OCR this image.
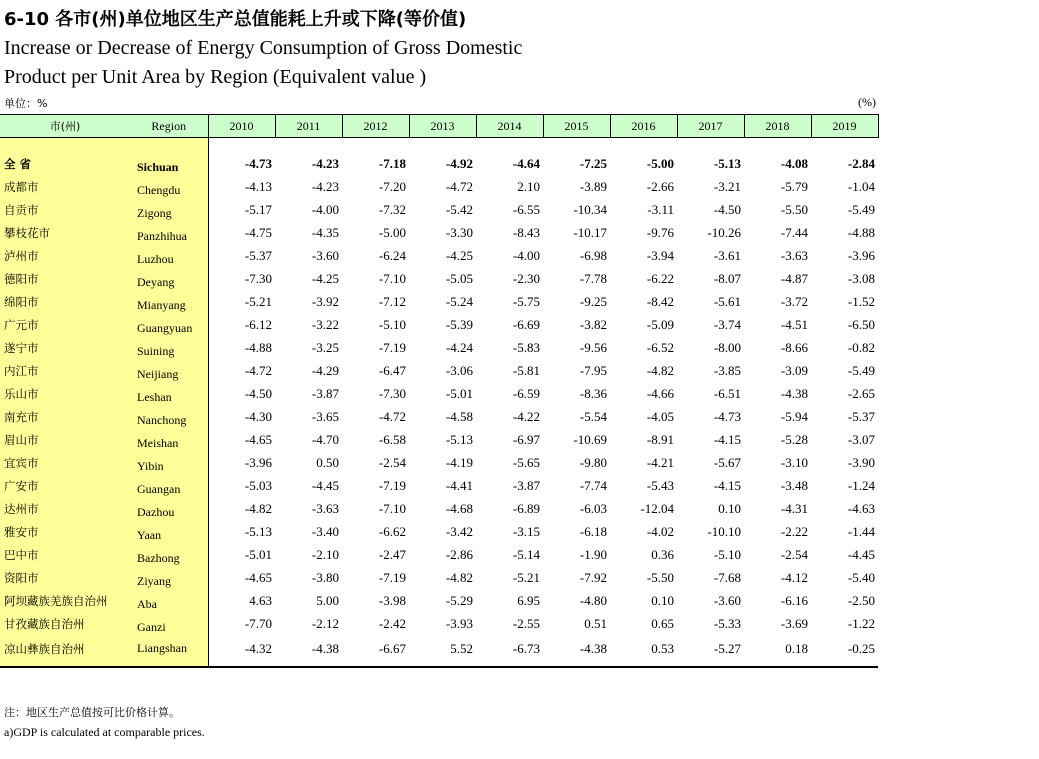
6-10 各市(州)单位地区生产总值能耗上升或下降(等价值)
Increase or Decrease of Energy Consumption of Gross Domestic
Product per Unit Area by Region (Equivalent value )
单位：%	(%)
市(州)	Region	2010	2011	2012	2013	2014	2015	2016	2017	2018	2019

全 省	Sichuan	-4.73	-4.23	-7.18	-4.92	-4.64	-7.25	-5.00	-5.13	-4.08	-2.84
成都市	Chengdu	-4.13	-4.23	-7.20	-4.72	2.10	-3.89	-2.66	-3.21	-5.79	-1.04
自贡市	Zigong	-5.17	-4.00	-7.32	-5.42	-6.55	-10.34	-3.11	-4.50	-5.50	-5.49
攀枝花市	Panzhihua	-4.75	-4.35	-5.00	-3.30	-8.43	-10.17	-9.76	-10.26	-7.44	-4.88
泸州市	Luzhou	-5.37	-3.60	-6.24	-4.25	-4.00	-6.98	-3.94	-3.61	-3.63	-3.96
德阳市	Deyang	-7.30	-4.25	-7.10	-5.05	-2.30	-7.78	-6.22	-8.07	-4.87	-3.08
绵阳市	Mianyang	-5.21	-3.92	-7.12	-5.24	-5.75	-9.25	-8.42	-5.61	-3.72	-1.52
广元市	Guangyuan	-6.12	-3.22	-5.10	-5.39	-6.69	-3.82	-5.09	-3.74	-4.51	-6.50
遂宁市	Suining	-4.88	-3.25	-7.19	-4.24	-5.83	-9.56	-6.52	-8.00	-8.66	-0.82
内江市	Neijiang	-4.72	-4.29	-6.47	-3.06	-5.81	-7.95	-4.82	-3.85	-3.09	-5.49
乐山市	Leshan	-4.50	-3.87	-7.30	-5.01	-6.59	-8.36	-4.66	-6.51	-4.38	-2.65
南充市	Nanchong	-4.30	-3.65	-4.72	-4.58	-4.22	-5.54	-4.05	-4.73	-5.94	-5.37
眉山市	Meishan	-4.65	-4.70	-6.58	-5.13	-6.97	-10.69	-8.91	-4.15	-5.28	-3.07
宜宾市	Yibin	-3.96	0.50	-2.54	-4.19	-5.65	-9.80	-4.21	-5.67	-3.10	-3.90
广安市	Guangan	-5.03	-4.45	-7.19	-4.41	-3.87	-7.74	-5.43	-4.15	-3.48	-1.24
达州市	Dazhou	-4.82	-3.63	-7.10	-4.68	-6.89	-6.03	-12.04	0.10	-4.31	-4.63
雅安市	Yaan	-5.13	-3.40	-6.62	-3.42	-3.15	-6.18	-4.02	-10.10	-2.22	-1.44
巴中市	Bazhong	-5.01	-2.10	-2.47	-2.86	-5.14	-1.90	0.36	-5.10	-2.54	-4.45
资阳市	Ziyang	-4.65	-3.80	-7.19	-4.82	-5.21	-7.92	-5.50	-7.68	-4.12	-5.40
阿坝藏族羌族自治州	Aba	4.63	5.00	-3.98	-5.29	6.95	-4.80	0.10	-3.60	-6.16	-2.50
甘孜藏族自治州	Ganzi	-7.70	-2.12	-2.42	-3.93	-2.55	0.51	0.65	-5.33	-3.69	-1.22
凉山彝族自治州	Liangshan	-4.32	-4.38	-6.67	5.52	-6.73	-4.38	0.53	-5.27	0.18	-0.25
注：地区生产总值按可比价格计算。
a)GDP is calculated at comparable prices.
